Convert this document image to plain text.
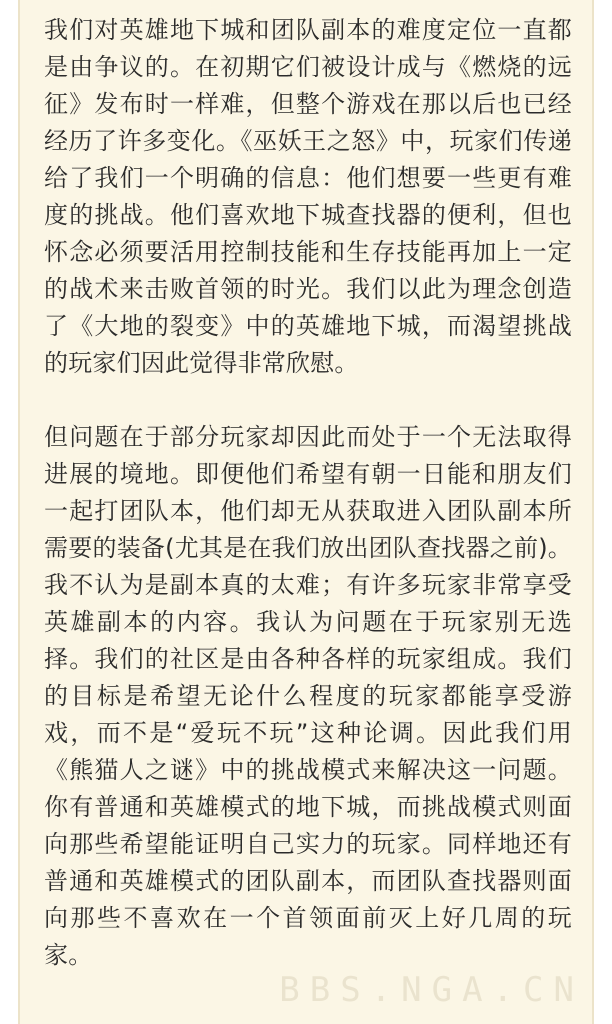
我们对英雄地下城和团队副本的难度定位一直都是由争议的。在初期它们被设计成与《燃烧的远征》发布时一样难，但整个游戏在那以后也已经经历了许多变化。《巫妖王之怒》中，玩家们传递给了我们一个明确的信息：他们想要一些更有难度的挑战。他们喜欢地下城查找器的便利，但也怀念必须要活用控制技能和生存技能再加上一定的战术来击败首领的时光。我们以此为理念创造了《大地的裂变》中的英雄地下城，而渴望挑战的玩家们因此觉得非常欣慰。

但问题在于部分玩家却因此而处于一个无法取得进展的境地。即便他们希望有朝一日能和朋友们一起打团队本，他们却无从获取进入团队副本所需要的装备(尤其是在我们放出团队查找器之前)。我不认为是副本真的太难；有许多玩家非常享受英雄副本的内容。我认为问题在于玩家别无选择。我们的社区是由各种各样的玩家组成。我们的目标是希望无论什么程度的玩家都能享受游戏，而不是“爱玩不玩”这种论调。因此我们用《熊猫人之谜》中的挑战模式来解决这一问题。你有普通和英雄模式的地下城，而挑战模式则面向那些希望能证明自己实力的玩家。同样地还有普通和英雄模式的团队副本，而团队查找器则面向那些不喜欢在一个首领面前灭上好几周的玩家。

BBS.NGA.CN
